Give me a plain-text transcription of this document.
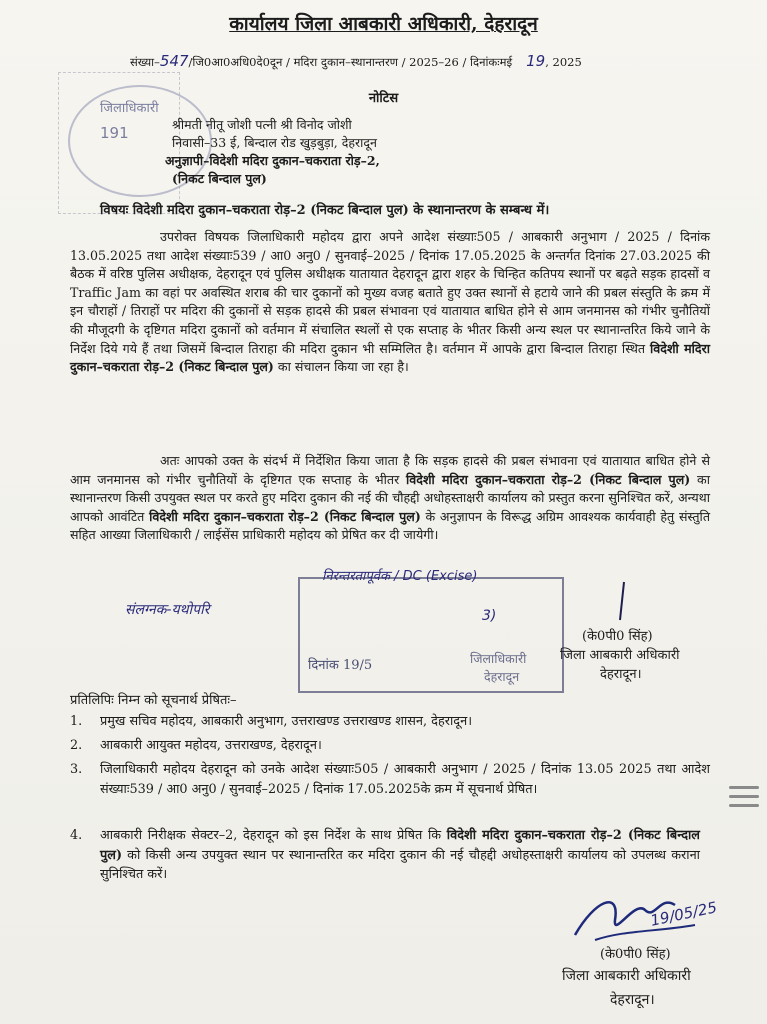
कार्यालय जिला आबकारी अधिकारी, देहरादून
संख्या–547/जि0आ0अधि0दे0दून / मदिरा दुकान–स्थानान्तरण / 2025–26 / दिनांकःमई 19, 2025
जिलाधिकारी
191
नोटिस
श्रीमती नीतू जोशी पत्नी श्री विनोद जोशी
निवासी–33 ई, बिन्दाल रोड खुड़बुड़ा, देहरादून
अनुज्ञापी–विदेशी मदिरा दुकान–चकराता रोड़–2,
(निकट बिन्दाल पुल)
विषयः विदेशी मदिरा दुकान–चकराता रोड़–2 (निकट बिन्दाल पुल) के स्थानान्तरण के सम्बन्ध में।

उपरोक्त विषयक जिलाधिकारी महोदय द्वारा अपने आदेश संख्याः505 / आबकारी अनुभाग / 2025 / दिनांक 13.05.2025 तथा आदेश संख्याः539 / आ0 अनु0 / सुनवाई–2025 / दिनांक 17.05.2025 के अन्तर्गत दिनांक 27.03.2025 की बैठक में वरिष्ठ पुलिस अधीक्षक, देहरादून एवं पुलिस अधीक्षक यातायात देहरादून द्वारा शहर के चिन्हित कतिपय स्थानों पर बढ़ते सड़क हादसों व Traffic Jam का वहां पर अवस्थित शराब की चार दुकानों को मुख्य वजह बताते हुए उक्त स्थानों से हटाये जाने की प्रबल संस्तुति के क्रम में इन चौराहों / तिराहों पर मदिरा की दुकानों से सड़क हादसे की प्रबल संभावना एवं यातायात बाधित होने से आम जनमानस को गंभीर चुनौतियों की मौजूदगी के दृष्टिगत मदिरा दुकानों को वर्तमान में संचालित स्थलों से एक सप्ताह के भीतर किसी अन्य स्थल पर स्थानान्तरित किये जाने के निर्देश दिये गये हैं तथा जिसमें बिन्दाल तिराहा की मदिरा दुकान भी सम्मिलित है। वर्तमान में आपके द्वारा बिन्दाल तिराहा स्थित विदेशी मदिरा दुकान–चकराता रोड़–2 (निकट बिन्दाल पुल) का संचालन किया जा रहा है।

अतः आपको उक्त के संदर्भ में निर्देशित किया जाता है कि सड़क हादसे की प्रबल संभावना एवं यातायात बाधित होने से आम जनमानस को गंभीर चुनौतियों के दृष्टिगत एक सप्ताह के भीतर विदेशी मदिरा दुकान–चकराता रोड़–2 (निकट बिन्दाल पुल) का स्थानान्तरण किसी उपयुक्त स्थल पर करते हुए मदिरा दुकान की नई की चौहद्दी अधोहस्ताक्षरी कार्यालय को प्रस्तुत करना सुनिश्चित करें, अन्यथा आपको आवंटित विदेशी मदिरा दुकान–चकराता रोड़–2 (निकट बिन्दाल पुल) के अनुज्ञापन के विरूद्ध अग्रिम आवश्यक कार्यवाही हेतु संस्तुति सहित आख्या जिलाधिकारी / लाईसेंस प्राधिकारी महोदय को प्रेषित कर दी जायेगी।

संलग्नक-यथोपरि
निरन्तरतापूर्वक / DC (Excise)
3)
दिनांक 19/5	जिलाधिकारी
देहरादून
(के0पी0 सिंह)
जिला आबकारी अधिकारी
देहरादून।
प्रतिलिपिः निम्न को सूचनार्थ प्रेषितः–
1.	प्रमुख सचिव महोदय, आबकारी अनुभाग, उत्तराखण्ड उत्तराखण्ड शासन, देहरादून।
2.	आबकारी आयुक्त महोदय, उत्तराखण्ड, देहरादून।
3.	जिलाधिकारी महोदय देहरादून को उनके आदेश संख्याः505 / आबकारी अनुभाग / 2025 / दिनांक 13.05 2025 तथा आदेश संख्याः539 / आ0 अनु0 / सुनवाई–2025 / दिनांक 17.05.2025के क्रम में सूचनार्थ प्रेषित।
4.	आबकारी निरीक्षक सेक्टर–2, देहरादून को इस निर्देश के साथ प्रेषित कि विदेशी मदिरा दुकान–चकराता रोड़–2 (निकट बिन्दाल पुल) को किसी अन्य उपयुक्त स्थान पर स्थानान्तरित कर मदिरा दुकान की नई चौहद्दी अधोहस्ताक्षरी कार्यालय को उपलब्ध कराना सुनिश्चित करें।
19/05/25
(के0पी0 सिंह)
जिला आबकारी अधिकारी
देहरादून।
